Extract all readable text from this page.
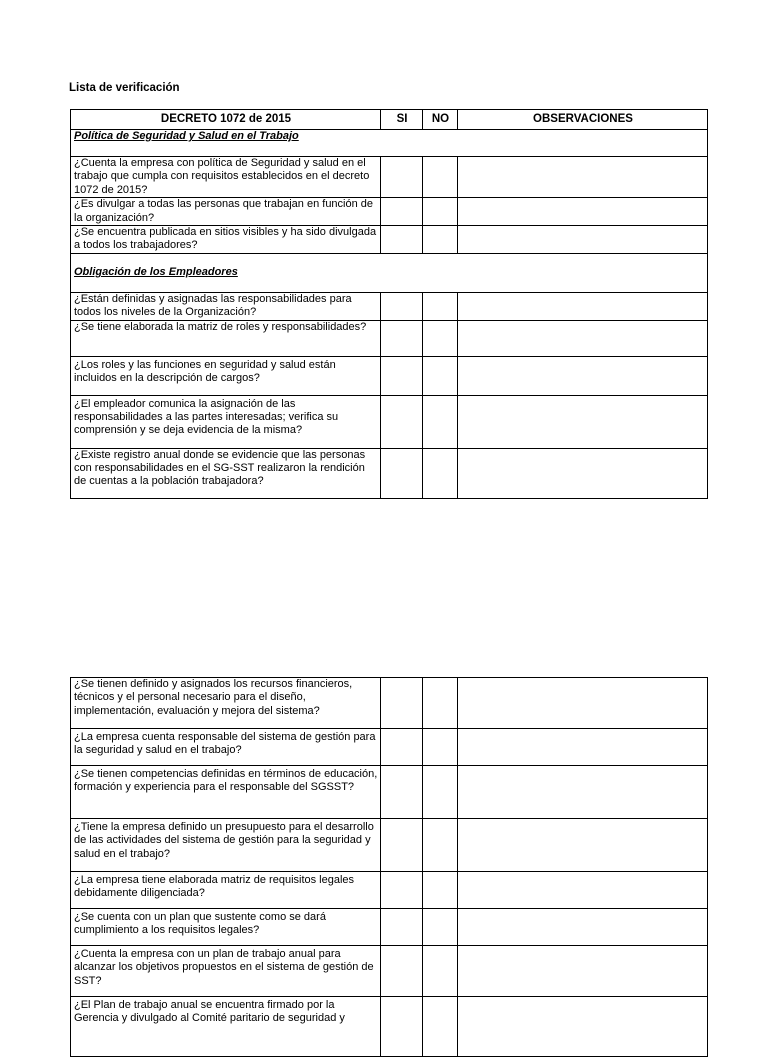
Lista de verificación
DECRETO 1072 de 2015	SI	NO	OBSERVACIONES
Política de Seguridad y Salud en el Trabajo			
¿Cuenta la empresa con política de Seguridad y salud en el trabajo que cumpla con requisitos establecidos en el decreto 1072 de 2015?			
¿Es divulgar a todas las personas que trabajan en función de la organización?			
¿Se encuentra publicada en sitios visibles y ha sido divulgada a todos los trabajadores?			
Obligación de los Empleadores			
¿Están definidas y asignadas las responsabilidades para todos los niveles de la Organización?			
¿Se tiene elaborada la matriz de roles y responsabilidades?			
¿Los roles y las funciones en seguridad y salud están incluidos en la descripción de cargos?			
¿El empleador comunica la asignación de las responsabilidades a las partes interesadas; verifica su comprensión y se deja evidencia de la misma?			
¿Existe registro anual donde se evidencie que las personas con responsabilidades en el SG-SST realizaron la rendición de cuentas a la población trabajadora?			
¿Se tienen definido y asignados los recursos financieros, técnicos y el personal necesario para el diseño, implementación, evaluación y mejora del sistema?			
¿La empresa cuenta responsable del sistema de gestión para la seguridad y salud en el trabajo?			
¿Se tienen competencias definidas en términos de educación, formación y experiencia para el responsable del SGSST?			
¿Tiene la empresa definido un presupuesto para el desarrollo de las actividades del sistema de gestión para la seguridad y salud en el trabajo?			
¿La empresa tiene elaborada matriz de requisitos legales debidamente diligenciada?			
¿Se cuenta con un plan que sustente como se dará cumplimiento a los requisitos legales?			
¿Cuenta la empresa con un plan de trabajo anual para alcanzar los objetivos propuestos en el sistema de gestión de SST?			
¿El Plan de trabajo anual se encuentra firmado por la Gerencia y divulgado al Comité paritario de seguridad y			
